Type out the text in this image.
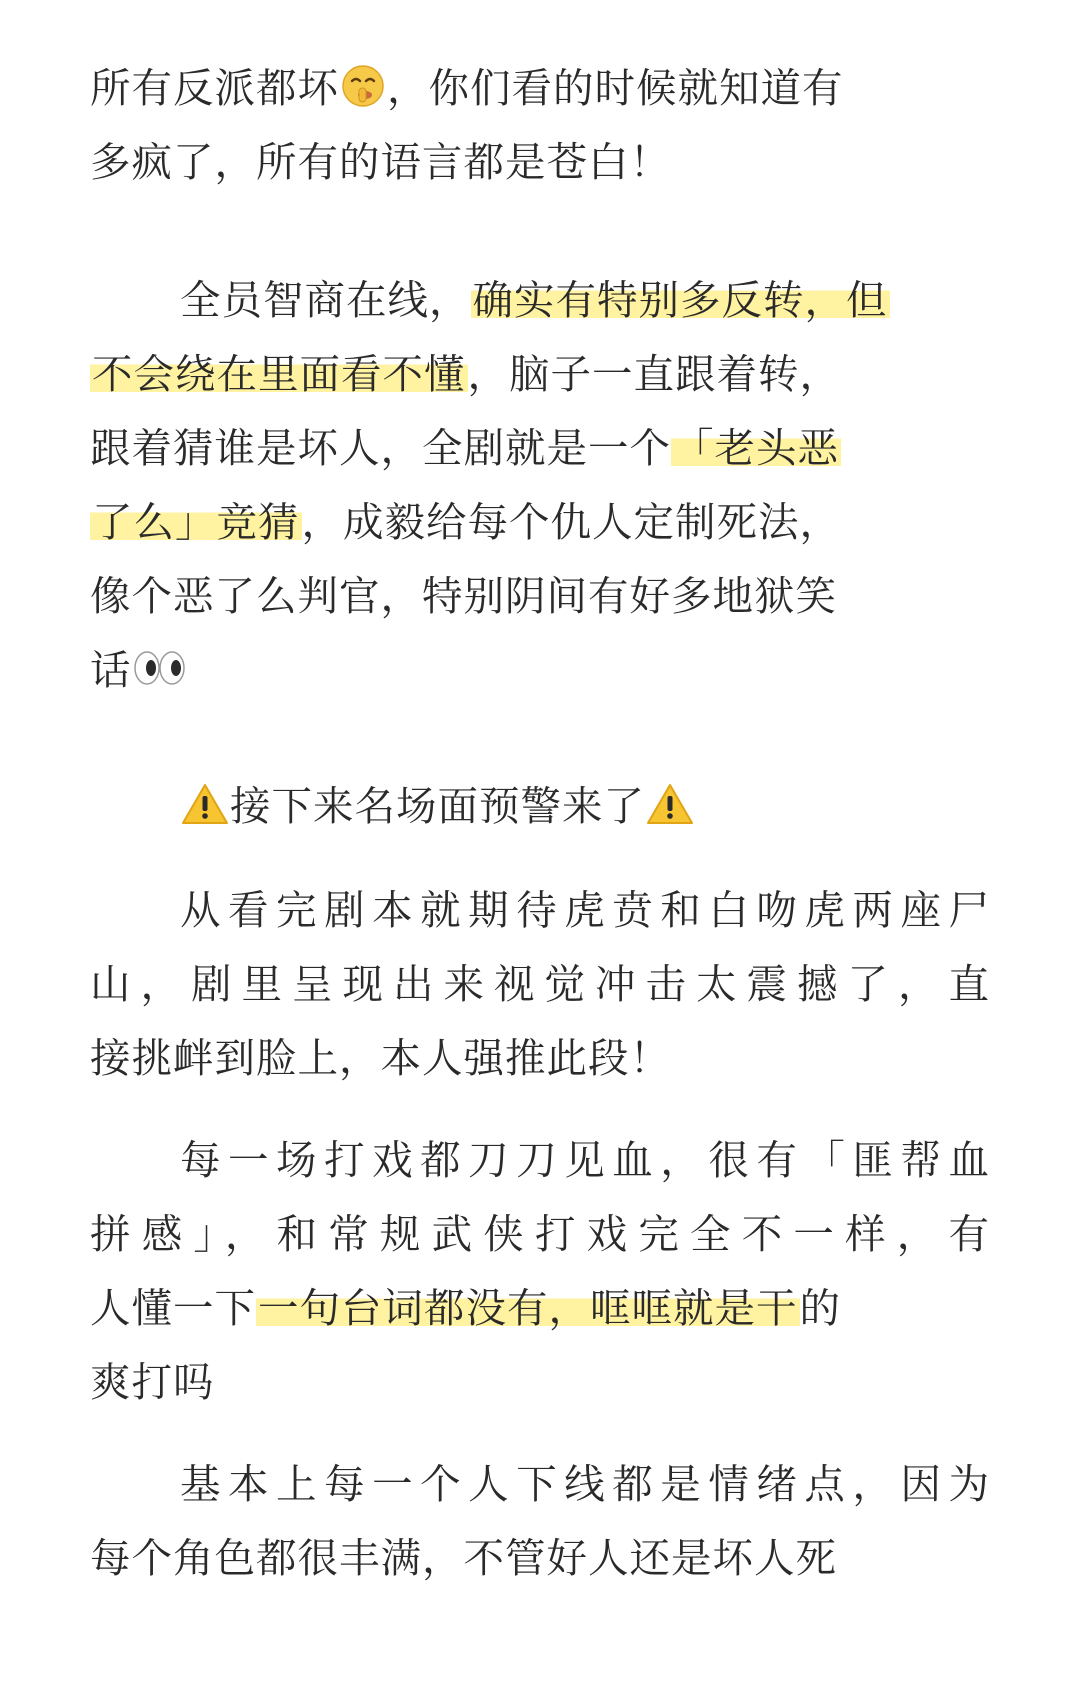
所有反派都坏 ，你们看的时候就知道有
多疯了，所有的语言都是苍白！
全员智商在线，确实有特别多反转，但
不会绕在里面看不懂，脑子一直跟着转，
跟着猜谁是坏人，全剧就是一个「老头恶
了么」竞猜，成毅给每个仇人定制死法，
像个恶了么判官，特别阴间有好多地狱笑
话
接下来名场面预警来了
从看完剧本就期待虎贲和白吻虎两座尸
山，剧里呈现出来视觉冲击太震撼了，直
接挑衅到脸上，本人强推此段！
每一场打戏都刀刀见血，很有「匪帮血
拼感」，和常规武侠打戏完全不一样，有
人懂一下一句台词都没有，哐哐就是干的
爽打吗
基本上每一个人下线都是情绪点，因为
每个角色都很丰满，不管好人还是坏人死
